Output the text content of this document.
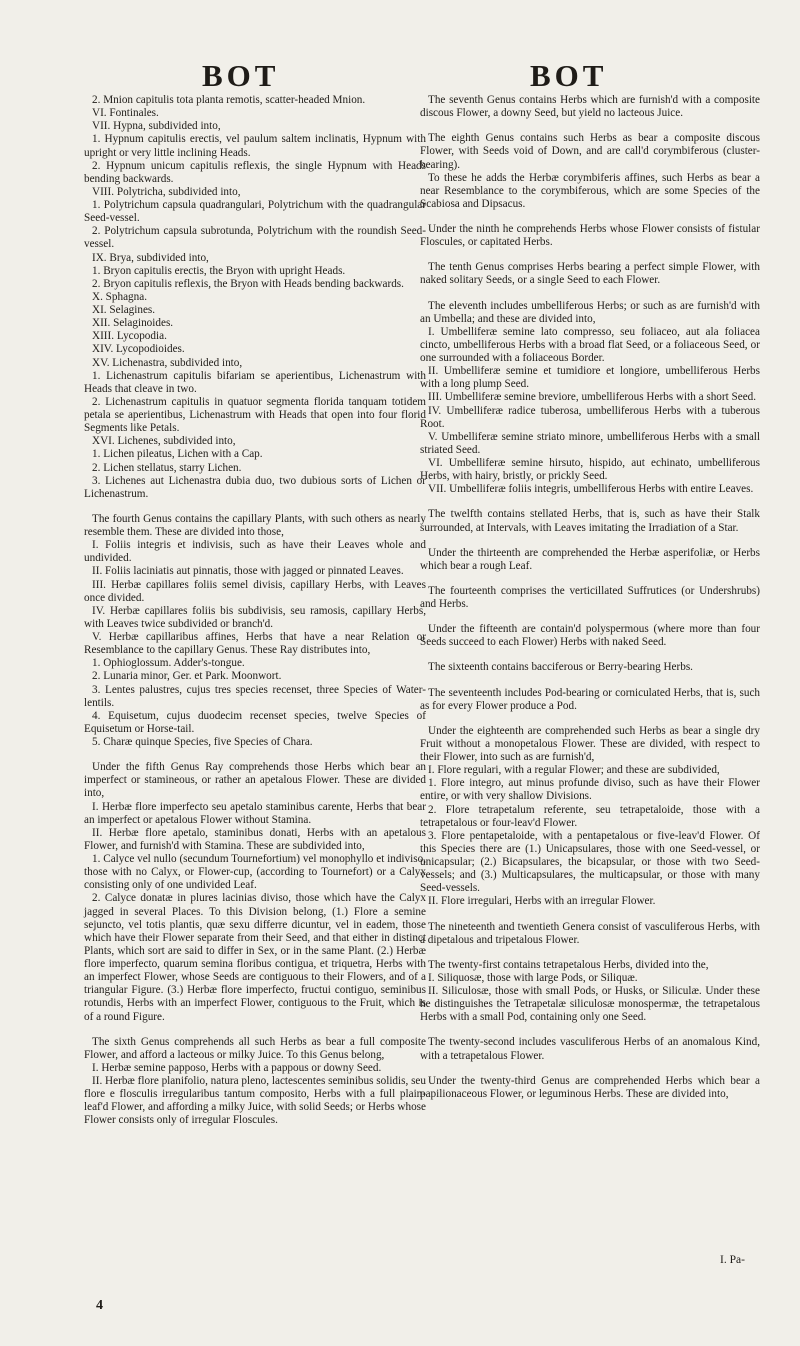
BOT	BOT

2. Mnion capitulis tota planta remotis, scatter-headed Mnion.

VI. Fontinales.

VII. Hypna, subdivided into,

1. Hypnum capitulis erectis, vel paulum saltem inclinatis, Hypnum with upright or very little inclining Heads.

2. Hypnum unicum capitulis reflexis, the single Hypnum with Heads bending backwards.

VIII. Polytricha, subdivided into,

1. Polytrichum capsula quadrangulari, Polytrichum with the quadrangular Seed-vessel.

2. Polytrichum capsula subrotunda, Polytrichum with the roundish Seed-vessel.

IX. Brya, subdivided into,

1. Bryon capitulis erectis, the Bryon with upright Heads.

2. Bryon capitulis reflexis, the Bryon with Heads bending backwards.

X. Sphagna.

XI. Selagines.

XII. Selaginoides.

XIII. Lycopodia.

XIV. Lycopodioides.

XV. Lichenastra, subdivided into,

1. Lichenastrum capitulis bifariam se aperientibus, Lichenastrum with Heads that cleave in two.

2. Lichenastrum capitulis in quatuor segmenta florida tanquam totidem petala se aperientibus, Lichenastrum with Heads that open into four florid Segments like Petals.

XVI. Lichenes, subdivided into,

1. Lichen pileatus, Lichen with a Cap.

2. Lichen stellatus, starry Lichen.

3. Lichenes aut Lichenastra dubia duo, two dubious sorts of Lichen or Lichenastrum.

The fourth Genus contains the capillary Plants, with such others as nearly resemble them. These are divided into those,

I. Foliis integris et indivisis, such as have their Leaves whole and undivided.

II. Foliis laciniatis aut pinnatis, those with jagged or pinnated Leaves.

III. Herbæ capillares foliis semel divisis, capillary Herbs, with Leaves once divided.

IV. Herbæ capillares foliis bis subdivisis, seu ramosis, capillary Herbs, with Leaves twice subdivided or branch'd.

V. Herbæ capillaribus affines, Herbs that have a near Relation or Resemblance to the capillary Genus. These Ray distributes into,

1. Ophioglossum. Adder's-tongue.

2. Lunaria minor, Ger. et Park. Moonwort.

3. Lentes palustres, cujus tres species recenset, three Species of Water-lentils.

4. Equisetum, cujus duodecim recenset species, twelve Species of Equisetum or Horse-tail.

5. Charæ quinque Species, five Species of Chara.

Under the fifth Genus Ray comprehends those Herbs which bear an imperfect or stamineous, or rather an apetalous Flower. These are divided into,

I. Herbæ flore imperfecto seu apetalo staminibus carente, Herbs that bear an imperfect or apetalous Flower without Stamina.

II. Herbæ flore apetalo, staminibus donati, Herbs with an apetalous Flower, and furnish'd with Stamina. These are subdivided into,

1. Calyce vel nullo (secundum Tournefortium) vel monophyllo et indiviso, those with no Calyx, or Flower-cup, (according to Tournefort) or a Calyx consisting only of one undivided Leaf.

2. Calyce donatæ in plures lacinias diviso, those which have the Calyx jagged in several Places. To this Division belong, (1.) Flore a semine sejuncto, vel totis plantis, quæ sexu differre dicuntur, vel in eadem, those which have their Flower separate from their Seed, and that either in distinct Plants, which sort are said to differ in Sex, or in the same Plant. (2.) Herbæ flore imperfecto, quarum semina floribus contigua, et triquetra, Herbs with an imperfect Flower, whose Seeds are contiguous to their Flowers, and of a triangular Figure. (3.) Herbæ flore imperfecto, fructui contiguo, seminibus rotundis, Herbs with an imperfect Flower, contiguous to the Fruit, which is of a round Figure.

The sixth Genus comprehends all such Herbs as bear a full composite Flower, and afford a lacteous or milky Juice. To this Genus belong,

I. Herbæ semine papposo, Herbs with a pappous or downy Seed.

II. Herbæ flore planifolio, natura pleno, lactescentes seminibus solidis, seu flore e flosculis irregularibus tantum composito, Herbs with a full plain-leaf'd Flower, and affording a milky Juice, with solid Seeds; or Herbs whose Flower consists only of irregular Floscules.

The seventh Genus contains Herbs which are furnish'd with a composite discous Flower, a downy Seed, but yield no lacteous Juice.

The eighth Genus contains such Herbs as bear a composite discous Flower, with Seeds void of Down, and are call'd corymbiferous (cluster-bearing).

To these he adds the Herbæ corymbiferis affines, such Herbs as bear a near Resemblance to the corymbiferous, which are some Species of the Scabiosa and Dipsacus.

Under the ninth he comprehends Herbs whose Flower consists of fistular Floscules, or capitated Herbs.

The tenth Genus comprises Herbs bearing a perfect simple Flower, with naked solitary Seeds, or a single Seed to each Flower.

The eleventh includes umbelliferous Herbs; or such as are furnish'd with an Umbella; and these are divided into,

I. Umbelliferæ semine lato compresso, seu foliaceo, aut ala foliacea cincto, umbelliferous Herbs with a broad flat Seed, or a foliaceous Seed, or one surrounded with a foliaceous Border.

II. Umbelliferæ semine et tumidiore et longiore, umbelliferous Herbs with a long plump Seed.

III. Umbelliferæ semine breviore, umbelliferous Herbs with a short Seed.

IV. Umbelliferæ radice tuberosa, umbelliferous Herbs with a tuberous Root.

V. Umbelliferæ semine striato minore, umbelliferous Herbs with a small striated Seed.

VI. Umbelliferæ semine hirsuto, hispido, aut echinato, umbelliferous Herbs, with hairy, bristly, or prickly Seed.

VII. Umbelliferæ foliis integris, umbelliferous Herbs with entire Leaves.

The twelfth contains stellated Herbs, that is, such as have their Stalk surrounded, at Intervals, with Leaves imitating the Irradiation of a Star.

Under the thirteenth are comprehended the Herbæ asperifoliæ, or Herbs which bear a rough Leaf.

The fourteenth comprises the verticillated Suffrutices (or Undershrubs) and Herbs.

Under the fifteenth are contain'd polyspermous (where more than four Seeds succeed to each Flower) Herbs with naked Seed.

The sixteenth contains bacciferous or Berry-bearing Herbs.

The seventeenth includes Pod-bearing or corniculated Herbs, that is, such as for every Flower produce a Pod.

Under the eighteenth are comprehended such Herbs as bear a single dry Fruit without a monopetalous Flower. These are divided, with respect to their Flower, into such as are furnish'd,

I. Flore regulari, with a regular Flower; and these are subdivided,

1. Flore integro, aut minus profunde diviso, such as have their Flower entire, or with very shallow Divisions.

2. Flore tetrapetalum referente, seu tetrapetaloide, those with a tetrapetalous or four-leav'd Flower.

3. Flore pentapetaloide, with a pentapetalous or five-leav'd Flower. Of this Species there are (1.) Unicapsulares, those with one Seed-vessel, or unicapsular; (2.) Bicapsulares, the bicapsular, or those with two Seed-vessels; and (3.) Multicapsulares, the multicapsular, or those with many Seed-vessels.

II. Flore irregulari, Herbs with an irregular Flower.

The nineteenth and twentieth Genera consist of vasculiferous Herbs, with a dipetalous and tripetalous Flower.

The twenty-first contains tetrapetalous Herbs, divided into the,

I. Siliquosæ, those with large Pods, or Siliquæ.

II. Siliculosæ, those with small Pods, or Husks, or Siliculæ. Under these he distinguishes the Tetrapetalæ siliculosæ monospermæ, the tetrapetalous Herbs with a small Pod, containing only one Seed.

The twenty-second includes vasculiferous Herbs of an anomalous Kind, with a tetrapetalous Flower.

Under the twenty-third Genus are comprehended Herbs which bear a papilionaceous Flower, or leguminous Herbs. These are divided into,

4
I. Pa-
